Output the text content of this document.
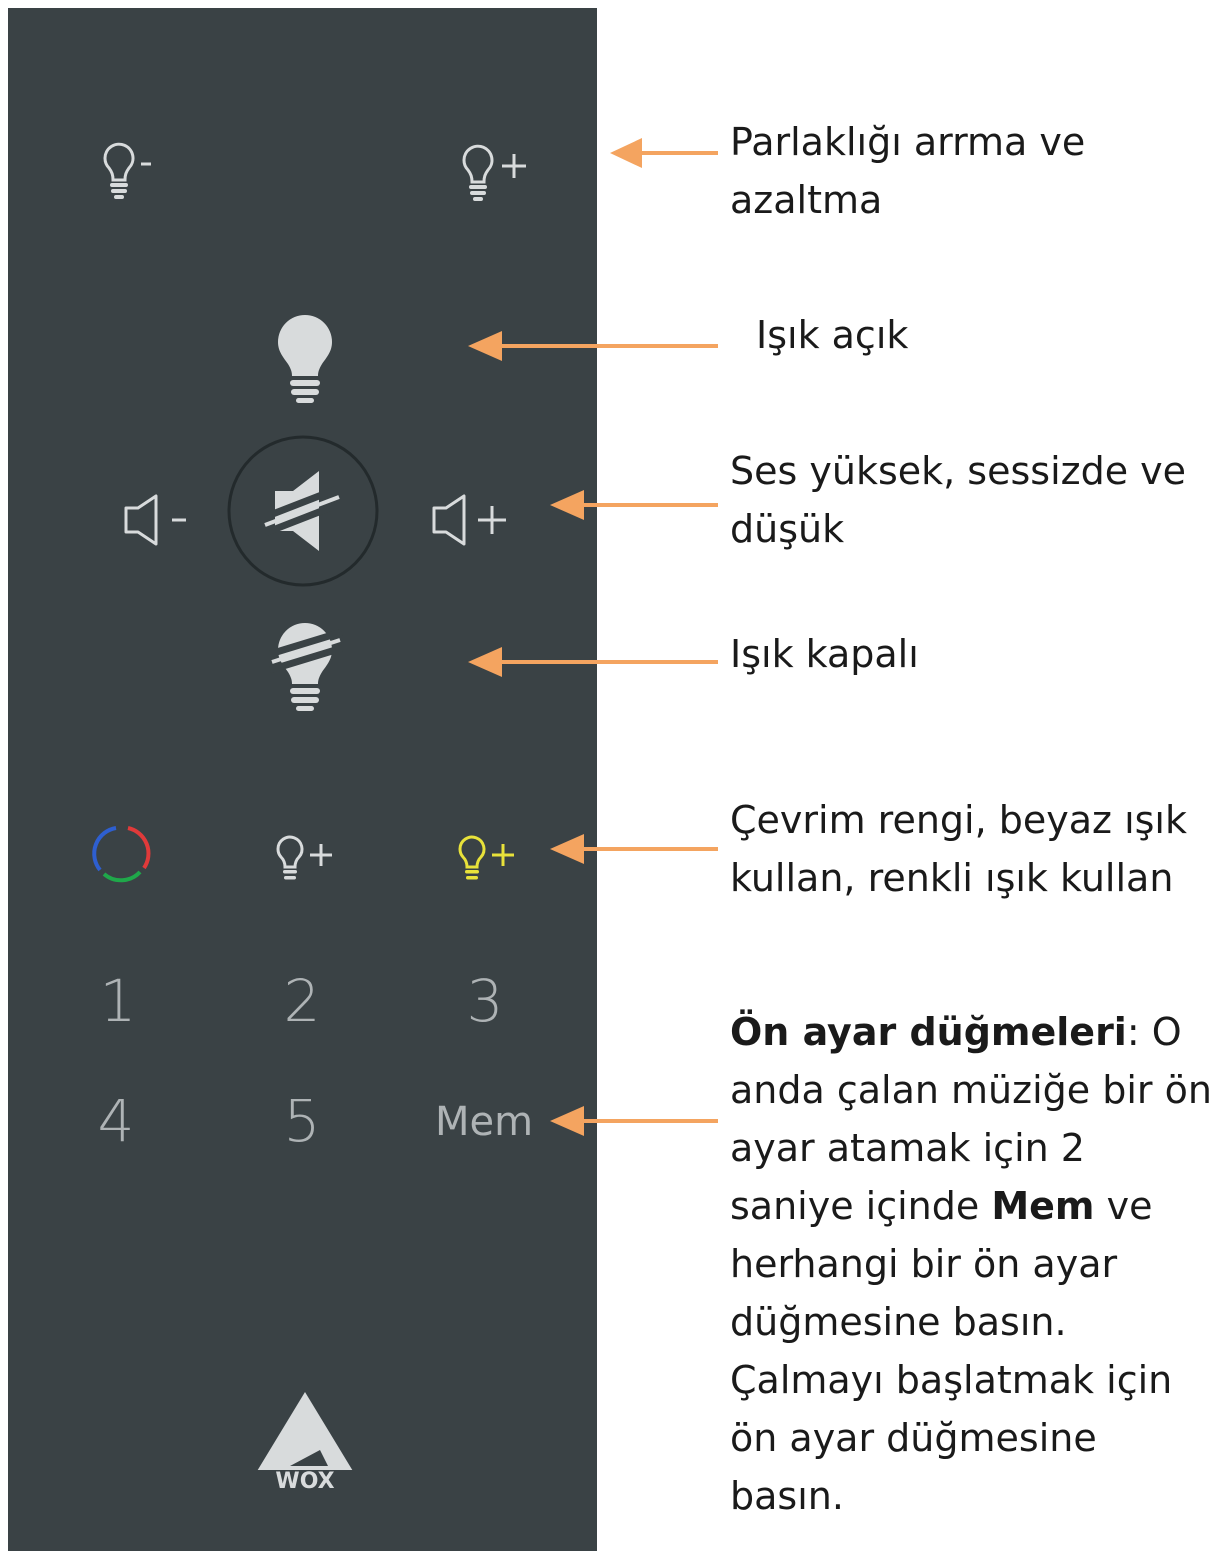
1	2	3
4	5	Mem
WOX
Parlaklığı arrma ve
azaltma
Işık açık
Ses yüksek, sessizde ve
düşük
Işık kapalı
Çevrim rengi, beyaz ışık
kullan, renkli ışık kullan
Ön ayar düğmeleri: O
anda çalan müziğe bir ön
ayar atamak için 2
saniye içinde Mem ve
herhangi bir ön ayar
düğmesine basın.
Çalmayı başlatmak için
ön ayar düğmesine
basın.
